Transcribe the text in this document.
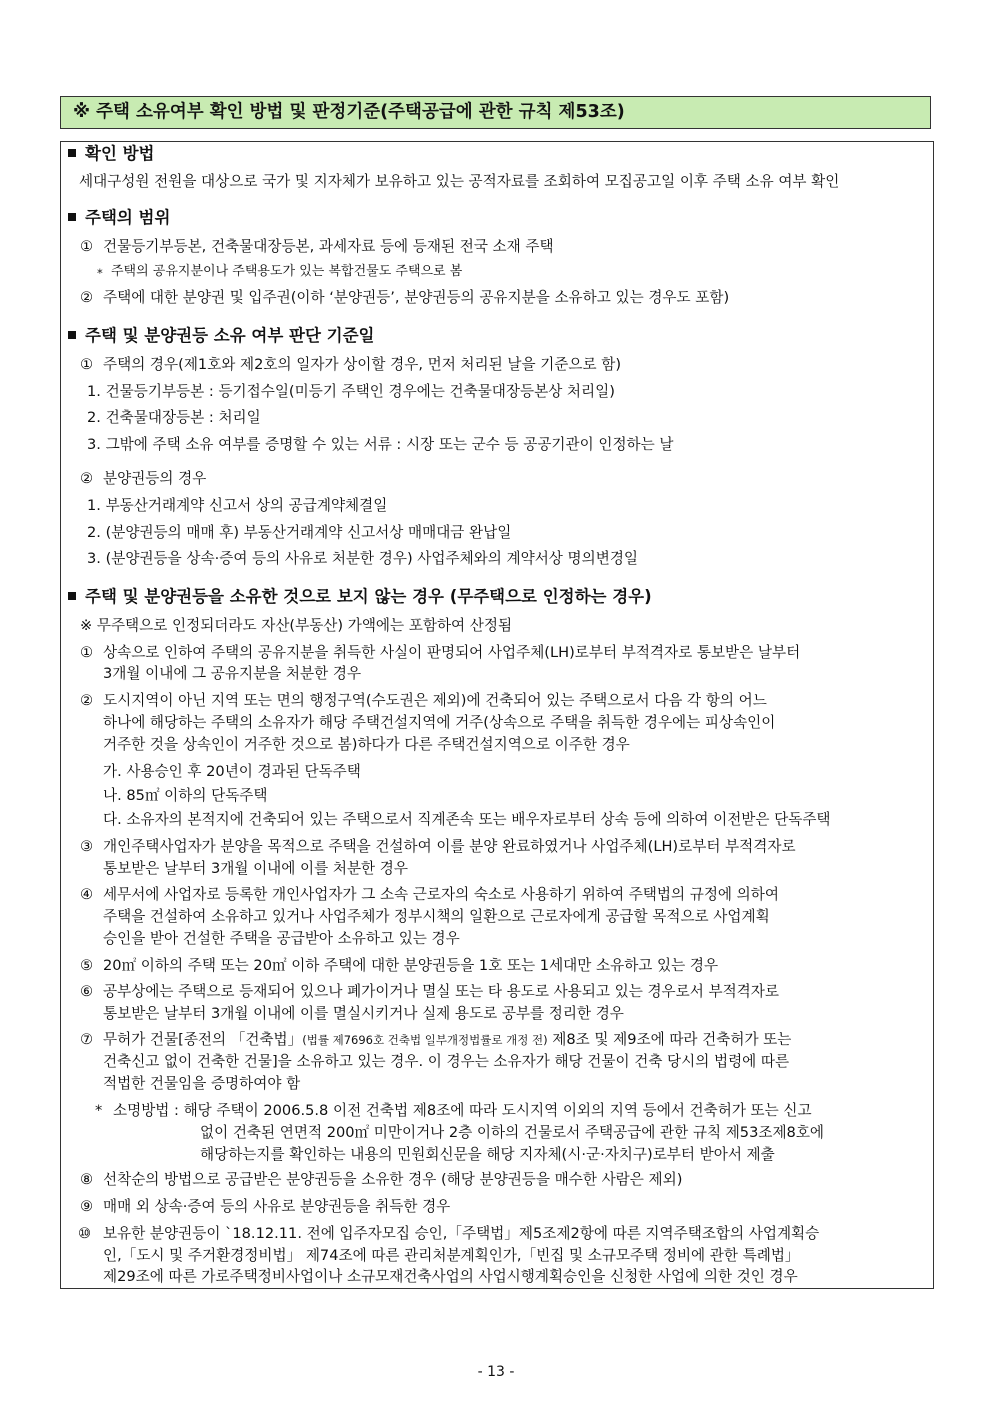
※ 주택 소유여부 확인 방법 및 판정기준(주택공급에 관한 규칙 제53조)
확인 방법
세대구성원 전원을 대상으로 국가 및 지자체가 보유하고 있는 공적자료를 조회하여 모집공고일 이후 주택 소유 여부 확인
주택의 범위
① 건물등기부등본, 건축물대장등본, 과세자료 등에 등재된 전국 소재 주택
* 주택의 공유지분이나 주택용도가 있는 복합건물도 주택으로 봄
② 주택에 대한 분양권 및 입주권(이하 ‘분양권등’, 분양권등의 공유지분을 소유하고 있는 경우도 포함)
주택 및 분양권등 소유 여부 판단 기준일
① 주택의 경우(제1호와 제2호의 일자가 상이할 경우, 먼저 처리된 날을 기준으로 함)
1. 건물등기부등본 : 등기접수일(미등기 주택인 경우에는 건축물대장등본상 처리일)
2. 건축물대장등본 : 처리일
3. 그밖에 주택 소유 여부를 증명할 수 있는 서류 : 시장 또는 군수 등 공공기관이 인정하는 날
② 분양권등의 경우
1. 부동산거래계약 신고서 상의 공급계약체결일
2. (분양권등의 매매 후) 부동산거래계약 신고서상 매매대금 완납일
3. (분양권등을 상속·증여 등의 사유로 처분한 경우) 사업주체와의 계약서상 명의변경일
주택 및 분양권등을 소유한 것으로 보지 않는 경우 (무주택으로 인정하는 경우)
※ 무주택으로 인정되더라도 자산(부동산) 가액에는 포함하여 산정됨
① 상속으로 인하여 주택의 공유지분을 취득한 사실이 판명되어 사업주체(LH)로부터 부적격자로 통보받은 날부터
3개월 이내에 그 공유지분을 처분한 경우
② 도시지역이 아닌 지역 또는 면의 행정구역(수도권은 제외)에 건축되어 있는 주택으로서 다음 각 항의 어느
하나에 해당하는 주택의 소유자가 해당 주택건설지역에 거주(상속으로 주택을 취득한 경우에는 피상속인이
거주한 것을 상속인이 거주한 것으로 봄)하다가 다른 주택건설지역으로 이주한 경우
가. 사용승인 후 20년이 경과된 단독주택
나. 85㎡ 이하의 단독주택
다. 소유자의 본적지에 건축되어 있는 주택으로서 직계존속 또는 배우자로부터 상속 등에 의하여 이전받은 단독주택
③ 개인주택사업자가 분양을 목적으로 주택을 건설하여 이를 분양 완료하였거나 사업주체(LH)로부터 부적격자로
통보받은 날부터 3개월 이내에 이를 처분한 경우
④ 세무서에 사업자로 등록한 개인사업자가 그 소속 근로자의 숙소로 사용하기 위하여 주택법의 규정에 의하여
주택을 건설하여 소유하고 있거나 사업주체가 정부시책의 일환으로 근로자에게 공급할 목적으로 사업계획
승인을 받아 건설한 주택을 공급받아 소유하고 있는 경우
⑤ 20㎡ 이하의 주택 또는 20㎡ 이하 주택에 대한 분양권등을 1호 또는 1세대만 소유하고 있는 경우
⑥ 공부상에는 주택으로 등재되어 있으나 폐가이거나 멸실 또는 타 용도로 사용되고 있는 경우로서 부적격자로
통보받은 날부터 3개월 이내에 이를 멸실시키거나 실제 용도로 공부를 정리한 경우
⑦ 무허가 건물[종전의 「건축법」(법률 제7696호 건축법 일부개정법률로 개정 전) 제8조 및 제9조에 따라 건축허가 또는
건축신고 없이 건축한 건물]을 소유하고 있는 경우. 이 경우는 소유자가 해당 건물이 건축 당시의 법령에 따른
적법한 건물임을 증명하여야 함
* 소명방법 : 해당 주택이 2006.5.8 이전 건축법 제8조에 따라 도시지역 이외의 지역 등에서 건축허가 또는 신고
없이 건축된 연면적 200㎡ 미만이거나 2층 이하의 건물로서 주택공급에 관한 규칙 제53조제8호에
해당하는지를 확인하는 내용의 민원회신문을 해당 지자체(시·군·자치구)로부터 받아서 제출
⑧ 선착순의 방법으로 공급받은 분양권등을 소유한 경우 (해당 분양권등을 매수한 사람은 제외)
⑨ 매매 외 상속·증여 등의 사유로 분양권등을 취득한 경우
⑩ 보유한 분양권등이 `18.12.11. 전에 입주자모집 승인,「주택법」제5조제2항에 따른 지역주택조합의 사업계획승
인,「도시 및 주거환경정비법」 제74조에 따른 관리처분계획인가,「빈집 및 소규모주택 정비에 관한 특례법」
제29조에 따른 가로주택정비사업이나 소규모재건축사업의 사업시행계획승인을 신청한 사업에 의한 것인 경우
- 13 -
